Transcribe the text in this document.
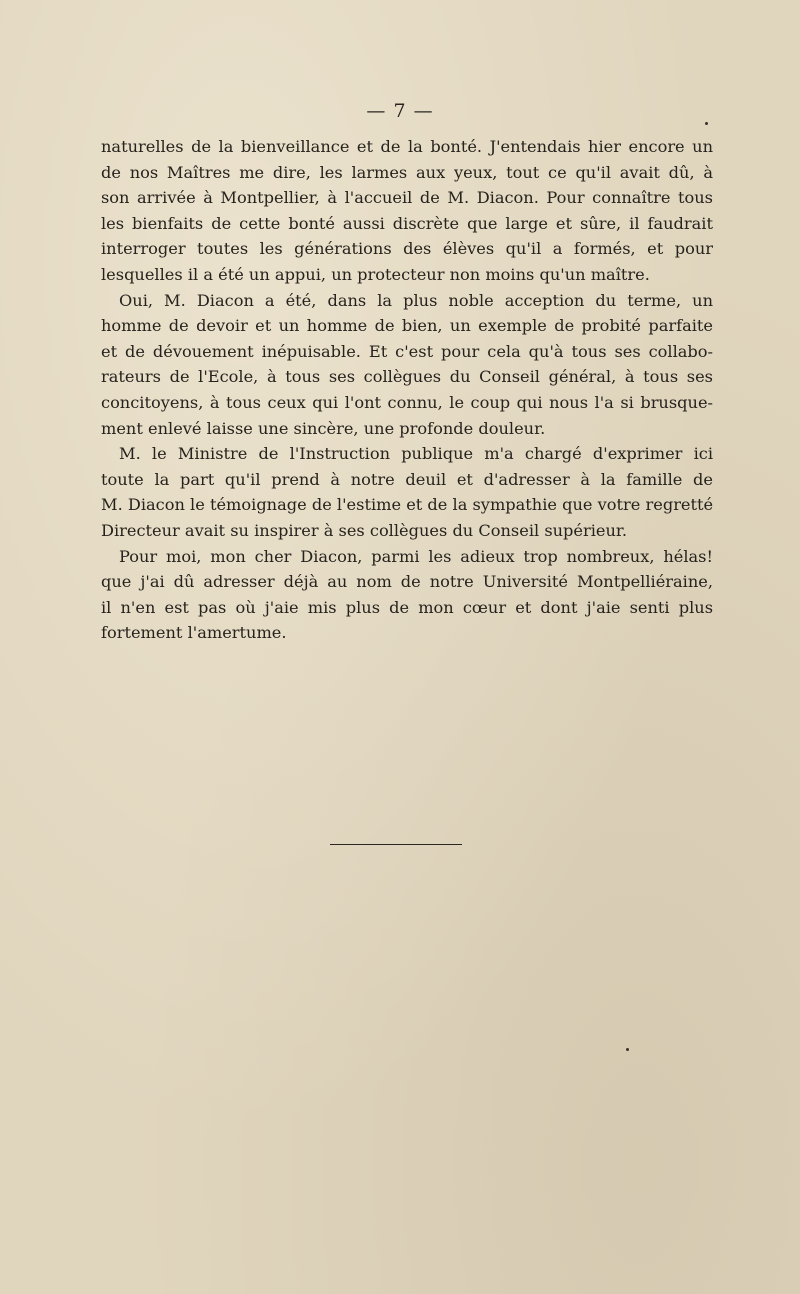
— 7 —
naturelles de la bienveillance et de la bonté. J'entendais hier encore un
de nos Maîtres me dire, les larmes aux yeux, tout ce qu'il avait dû, à
son arrivée à Montpellier, à l'accueil de M. Diacon. Pour connaître tous
les bienfaits de cette bonté aussi discrète que large et sûre, il faudrait
interroger toutes les générations des élèves qu'il a formés, et pour
lesquelles il a été un appui, un protecteur non moins qu'un maître.
Oui, M. Diacon a été, dans la plus noble acception du terme, un
homme de devoir et un homme de bien, un exemple de probité parfaite
et de dévouement inépuisable. Et c'est pour cela qu'à tous ses collabo-
rateurs de l'Ecole, à tous ses collègues du Conseil général, à tous ses
concitoyens, à tous ceux qui l'ont connu, le coup qui nous l'a si brusque-
ment enlevé laisse une sincère, une profonde douleur.
M. le Ministre de l'Instruction publique m'a chargé d'exprimer ici
toute la part qu'il prend à notre deuil et d'adresser à la famille de
M. Diacon le témoignage de l'estime et de la sympathie que votre regretté
Directeur avait su inspirer à ses collègues du Conseil supérieur.
Pour moi, mon cher Diacon, parmi les adieux trop nombreux, hélas!
que j'ai dû adresser déjà au nom de notre Université Montpelliéraine,
il n'en est pas où j'aie mis plus de mon cœur et dont j'aie senti plus
fortement l'amertume.
